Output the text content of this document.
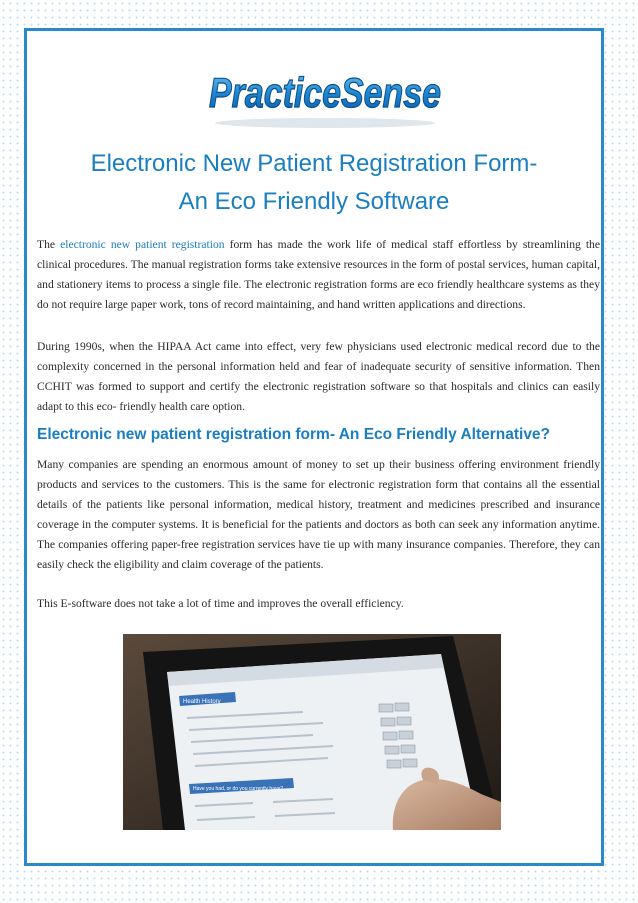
PracticeSense
Electronic New Patient Registration Form-
An Eco Friendly Software

The electronic new patient registration form has made the work life of medical staff effortless by streamlining the clinical procedures. The manual registration forms take extensive resources in the form of postal services, human capital, and stationery items to process a single file. The electronic registration forms are eco friendly healthcare systems as they do not require large paper work, tons of record maintaining, and hand written applications and directions.

During 1990s, when the HIPAA Act came into effect, very few physicians used electronic medical record due to the complexity concerned in the personal information held and fear of inadequate security of sensitive information. Then CCHIT was formed to support and certify the electronic registration software so that hospitals and clinics can easily adapt to this eco- friendly health care option.

Electronic new patient registration form- An Eco Friendly Alternative?

Many companies are spending an enormous amount of money to set up their business offering environment friendly products and services to the customers. This is the same for electronic registration form that contains all the essential details of the patients like personal information, medical history, treatment and medicines prescribed and insurance coverage in the computer systems. It is beneficial for the patients and doctors as both can seek any information anytime. The companies offering paper-free registration services have tie up with many insurance companies. Therefore, they can easily check the eligibility and claim coverage of the patients.

This E-software does not take a lot of time and improves the overall efficiency.

Health History
Have you had, or do you currently have?
